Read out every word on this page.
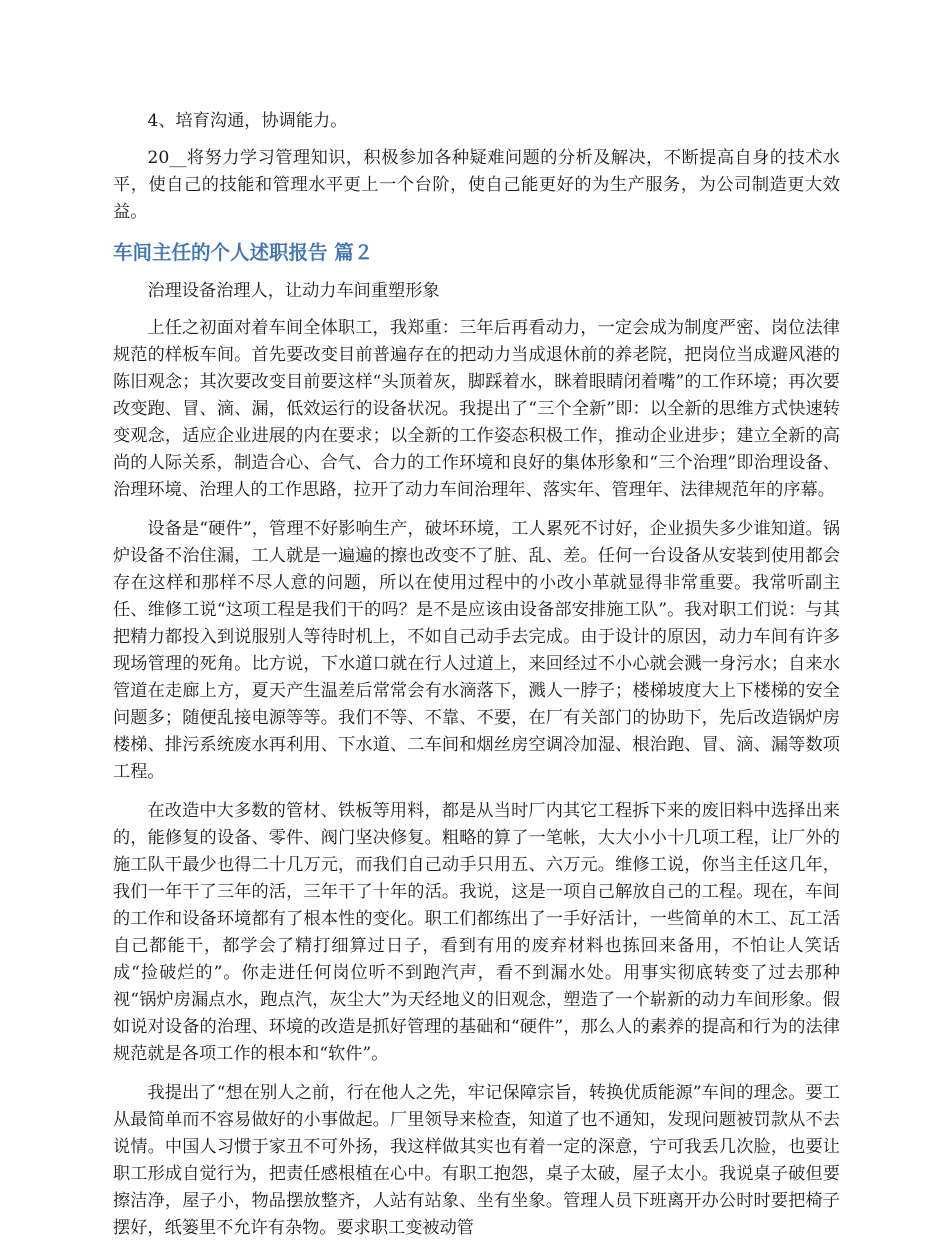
4、培育沟通，协调能力。

20__将努力学习管理知识，积极参加各种疑难问题的分析及解决，不断提高自身的技术水平，使自己的技能和管理水平更上一个台阶，使自己能更好的为生产服务，为公司制造更大效益。

车间主任的个人述职报告 篇２

治理设备治理人，让动力车间重塑形象

上任之初面对着车间全体职工，我郑重：三年后再看动力，一定会成为制度严密、岗位法律规范的样板车间。首先要改变目前普遍存在的把动力当成退休前的养老院，把岗位当成避风港的陈旧观念；其次要改变目前要这样“头顶着灰，脚踩着水，眯着眼睛闭着嘴”的工作环境；再次要改变跑、冒、滴、漏，低效运行的设备状况。我提出了“三个全新”即：以全新的思维方式快速转变观念，适应企业进展的内在要求；以全新的工作姿态积极工作，推动企业进步；建立全新的高尚的人际关系，制造合心、合气、合力的工作环境和良好的集体形象和“三个治理”即治理设备、治理环境、治理人的工作思路，拉开了动力车间治理年、落实年、管理年、法律规范年的序幕。

设备是“硬件”，管理不好影响生产，破坏环境，工人累死不讨好，企业损失多少谁知道。锅炉设备不治住漏，工人就是一遍遍的擦也改变不了脏、乱、差。任何一台设备从安装到使用都会存在这样和那样不尽人意的问题，所以在使用过程中的小改小革就显得非常重要。我常听副主任、维修工说“这项工程是我们干的吗？是不是应该由设备部安排施工队”。我对职工们说：与其把精力都投入到说服别人等待时机上，不如自己动手去完成。由于设计的原因，动力车间有许多现场管理的死角。比方说，下水道口就在行人过道上，来回经过不小心就会溅一身污水；自来水管道在走廊上方，夏天产生温差后常常会有水滴落下，溅人一脖子；楼梯坡度大上下楼梯的安全问题多；随便乱接电源等等。我们不等、不靠、不要，在厂有关部门的协助下，先后改造锅炉房楼梯、排污系统废水再利用、下水道、二车间和烟丝房空调冷加湿、根治跑、冒、滴、漏等数项工程。

在改造中大多数的管材、铁板等用料，都是从当时厂内其它工程拆下来的废旧料中选择出来的，能修复的设备、零件、阀门坚决修复。粗略的算了一笔帐，大大小小十几项工程，让厂外的施工队干最少也得二十几万元，而我们自己动手只用五、六万元。维修工说，你当主任这几年，我们一年干了三年的活，三年干了十年的活。我说，这是一项自己解放自己的工程。现在，车间的工作和设备环境都有了根本性的变化。职工们都练出了一手好活计，一些简单的木工、瓦工活自己都能干，都学会了精打细算过日子，看到有用的废弃材料也拣回来备用，不怕让人笑话成“捡破烂的”。你走进任何岗位听不到跑汽声，看不到漏水处。用事实彻底转变了过去那种视“锅炉房漏点水，跑点汽，灰尘大”为天经地义的旧观念，塑造了一个崭新的动力车间形象。假如说对设备的治理、环境的改造是抓好管理的基础和“硬件”，那么人的素养的提高和行为的法律规范就是各项工作的根本和“软件”。

我提出了“想在别人之前，行在他人之先，牢记保障宗旨，转换优质能源”车间的理念。要工从最简单而不容易做好的小事做起。厂里领导来检查，知道了也不通知，发现问题被罚款从不去说情。中国人习惯于家丑不可外扬，我这样做其实也有着一定的深意，宁可我丢几次脸，也要让职工形成自觉行为，把责任感根植在心中。有职工抱怨，桌子太破，屋子太小。我说桌子破但要擦洁净，屋子小，物品摆放整齐，人站有站象、坐有坐象。管理人员下班离开办公时时要把椅子摆好，纸篓里不允许有杂物。要求职工变被动管
